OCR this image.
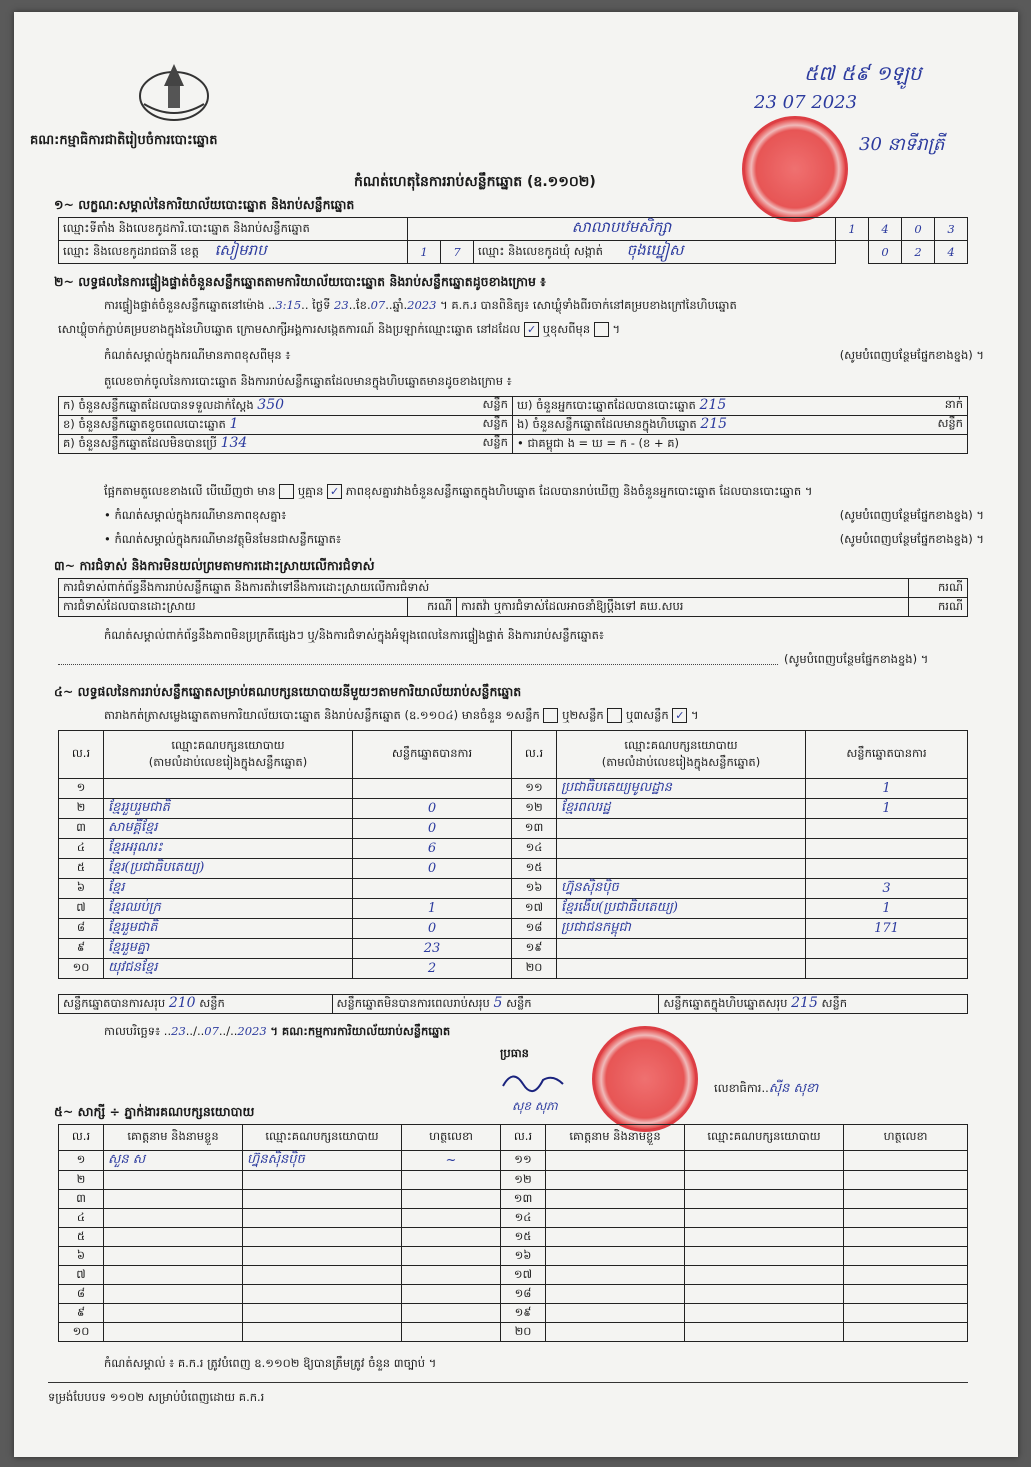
គណ:កម្មាធិការជាតិរៀបចំការបោះឆ្នោត
កំណត់ហេតុនៃការរាប់សន្លឹកឆ្នោត (ឧ.១១០២)
៥៧ ៥៩ ១ឡូប
23 07 2023
30 នាទីរាត្រី
១~ លក្ខណ:សម្គាល់នៃការិយាល័យបោះឆ្នោត និងរាប់សន្លឹកឆ្នោត
ឈ្មោះទីតាំង និងលេខកូដការិ.បោះឆ្នោត និងរាប់សន្លឹកឆ្នោត	សាលាបឋមសិក្សា			1	4	0	3
ឈ្មោះ និងលេខកូដរាជធានី ខេត្ត សៀមរាប	1	7	ឈ្មោះ និងលេខកូដឃុំ សង្កាត់ ចុងឃ្នៀស		0	2	4
២~ លទ្ធផលនៃការផ្ទៀងផ្ទាត់ចំនួនសន្លឹកឆ្នោតតាមការិយាល័យបោះឆ្នោត និងរាប់សន្លឹកឆ្នោតដូចខាងក្រោម ៖
ការផ្ទៀងផ្ទាត់ចំនួនសន្លឹកឆ្នោតនៅម៉ោង ..3:15.. ថ្ងៃទី 23..ខែ.07..ឆ្នាំ.2023 ។ គ.ក.រ បានពិនិត្យ៖ សោឃ្លុំទាំងពីរចាក់នៅគម្របខាងក្រៅនៃហិបឆ្នោត
សោឃ្លុំចាក់ភ្ជាប់គម្របខាងក្នុងនៃហិបឆ្នោត ក្រោមសាក្សីអង្គការសង្កេតការណ៍ និងប្រឡាក់ឈ្មោះឆ្នោត នៅដដែល ✓ ឬខុសពីមុន  ។
កំណត់សម្គាល់ក្នុងករណីមានភាពខុសពីមុន ៖	(សូមបំពេញបន្ថែមផ្នែកខាងខ្នង) ។
តួលេខចាក់ចូលនៃការបោះឆ្នោត និងការរាប់សន្លឹកឆ្នោតដែលមានក្នុងហិបឆ្នោតមានដូចខាងក្រោម ៖
ក) ចំនួនសន្លឹកឆ្នោតដែលបានទទួលដាក់ស្តែង 350 សន្លឹក	ឃ) ចំនួនអ្នកបោះឆ្នោតដែលបានបោះឆ្នោត 215 នាក់

ខ) ចំនួនសន្លឹកឆ្នោតខូចពេលបោះឆ្នោត 1 សន្លឹក	ង) ចំនួនសន្លឹកឆ្នោតដែលមានក្នុងហិបឆ្នោត 215 សន្លឹក

គ) ចំនួនសន្លឹកឆ្នោតដែលមិនបានប្រើ 134 សន្លឹក	• ជាគម្ពុជា ង = ឃ = ក - (ខ + គ)
ផ្អែកតាមតួលេខខាងលើ បើឃើញថា មាន ឬគ្មាន ✓ ភាពខុសគ្នារវាងចំនួនសន្លឹកឆ្នោតក្នុងហិបឆ្នោត ដែលបានរាប់ឃើញ និងចំនួនអ្នកបោះឆ្នោត ដែលបានបោះឆ្នោត ។
• កំណត់សម្គាល់ក្នុងករណីមានភាពខុសគ្នា៖	(សូមបំពេញបន្ថែមផ្នែកខាងខ្នង) ។
• កំណត់សម្គាល់ក្នុងករណីមានវត្ថុមិនមែនជាសន្លឹកឆ្នោត៖	(សូមបំពេញបន្ថែមផ្នែកខាងខ្នង) ។
៣~ ការជំទាស់ និងការមិនយល់ព្រមតាមការដោះស្រាយលើការជំទាស់
ការជំទាស់ពាក់ព័ន្ធនឹងការរាប់សន្លឹកឆ្នោត និងការតវ៉ាទៅនឹងការដោះស្រាយលើការជំទាស់			ករណី
ការជំទាស់ដែលបានដោះស្រាយ	ករណី	ការតវ៉ា ឬការជំទាស់ដែលអាចនាំឱ្យប្តឹងទៅ គឃ.សបរ	ករណី
កំណត់សម្គាល់ពាក់ព័ន្ធនឹងភាពមិនប្រក្រតីផ្សេងៗ ឬ/និងការជំទាស់ក្នុងអំឡុងពេលនៃការផ្ទៀងផ្ទាត់ និងការរាប់សន្លឹកឆ្នោត៖
(សូមបំពេញបន្ថែមផ្នែកខាងខ្នង) ។
៤~ លទ្ធផលនៃការរាប់សន្លឹកឆ្នោតសម្រាប់គណបក្សនយោបាយនីមួយៗតាមការិយាល័យរាប់សន្លឹកឆ្នោត
តារាងកត់ត្រាសម្លេងឆ្នោតតាមការិយាល័យបោះឆ្នោត និងរាប់សន្លឹកឆ្នោត (ឧ.១១០៤) មានចំនួន ១សន្លឹក ឬ២សន្លឹក ឬ៣សន្លឹក ✓ ។
ល.រ	ឈ្មោះគណបក្សនយោបាយ
(តាមលំដាប់លេខរៀងក្នុងសន្លឹកឆ្នោត)	សន្លឹកឆ្នោតបានការ	ល.រ	ឈ្មោះគណបក្សនយោបាយ
(តាមលំដាប់លេខរៀងក្នុងសន្លឹកឆ្នោត)	សន្លឹកឆ្នោតបានការ
១			១១	ប្រជាធិបតេយ្យមូលដ្ឋាន	1
២	ខ្មែររួបរួមជាតិ	0	១២	ខ្មែរពលរដ្ឋ	1
៣	សាមគ្គីខ្មែរ	0	១៣		
៤	ខ្មែរអរុណរះ	6	១៤		
៥	ខ្មែរ(ប្រជាធិបតេយ្យ)	0	១៥		
៦	ខ្មែរ		១៦	ហ្វ៊ុនស៊ិនប៉ិច	3
៧	ខ្មែរឈប់ក្រ	1	១៧	ខ្មែរងើប(ប្រជាធិបតេយ្យ)	1
៨	ខ្មែររួមជាតិ	0	១៨	ប្រជាជនកម្ពុជា	171
៩	ខ្មែររួមគ្នា	23	១៩		
១០	យុវជនខ្មែរ	2	២០		
សន្លឹកឆ្នោតបានការសរុប 210 សន្លឹក	សន្លឹកឆ្នោតមិនបានការពេលរាប់សរុប 5 សន្លឹក	សន្លឹកឆ្នោតក្នុងហិបឆ្នោតសរុប 215 សន្លឹក
កាលបរិច្ឆេទ៖ ..23../..07../..2023 ។ គណ:កម្មការការិយាល័យរាប់សន្លឹកឆ្នោត
ប្រធាន
សុខ សុភា
លេខាធិការ..ស៊ីន សុខា
៥~ សាក្សី ÷ ភ្នាក់ងារគណបក្សនយោបាយ
ល.រ	គោត្តនាម និងនាមខ្លួន	ឈ្មោះគណបក្សនយោបាយ	ហត្ថលេខា	ល.រ	គោត្តនាម និងនាមខ្លួន	ឈ្មោះគណបក្សនយោបាយ	ហត្ថលេខា
១	សួន ស	ហ្វ៊ុនស៊ិនប៉ិច	~	១១			
២				១២			
៣				១៣			
៤				១៤			
៥				១៥			
៦				១៦			
៧				១៧			
៨				១៨			
៩				១៩			
១០				២០			
កំណត់សម្គាល់ ៖ គ.ក.រ ត្រូវបំពេញ ឧ.១១០២ ឱ្យបានត្រឹមត្រូវ ចំនួន ៣ច្បាប់ ។
ទម្រង់បែបបទ ១១០២ សម្រាប់បំពេញដោយ គ.ក.រ
